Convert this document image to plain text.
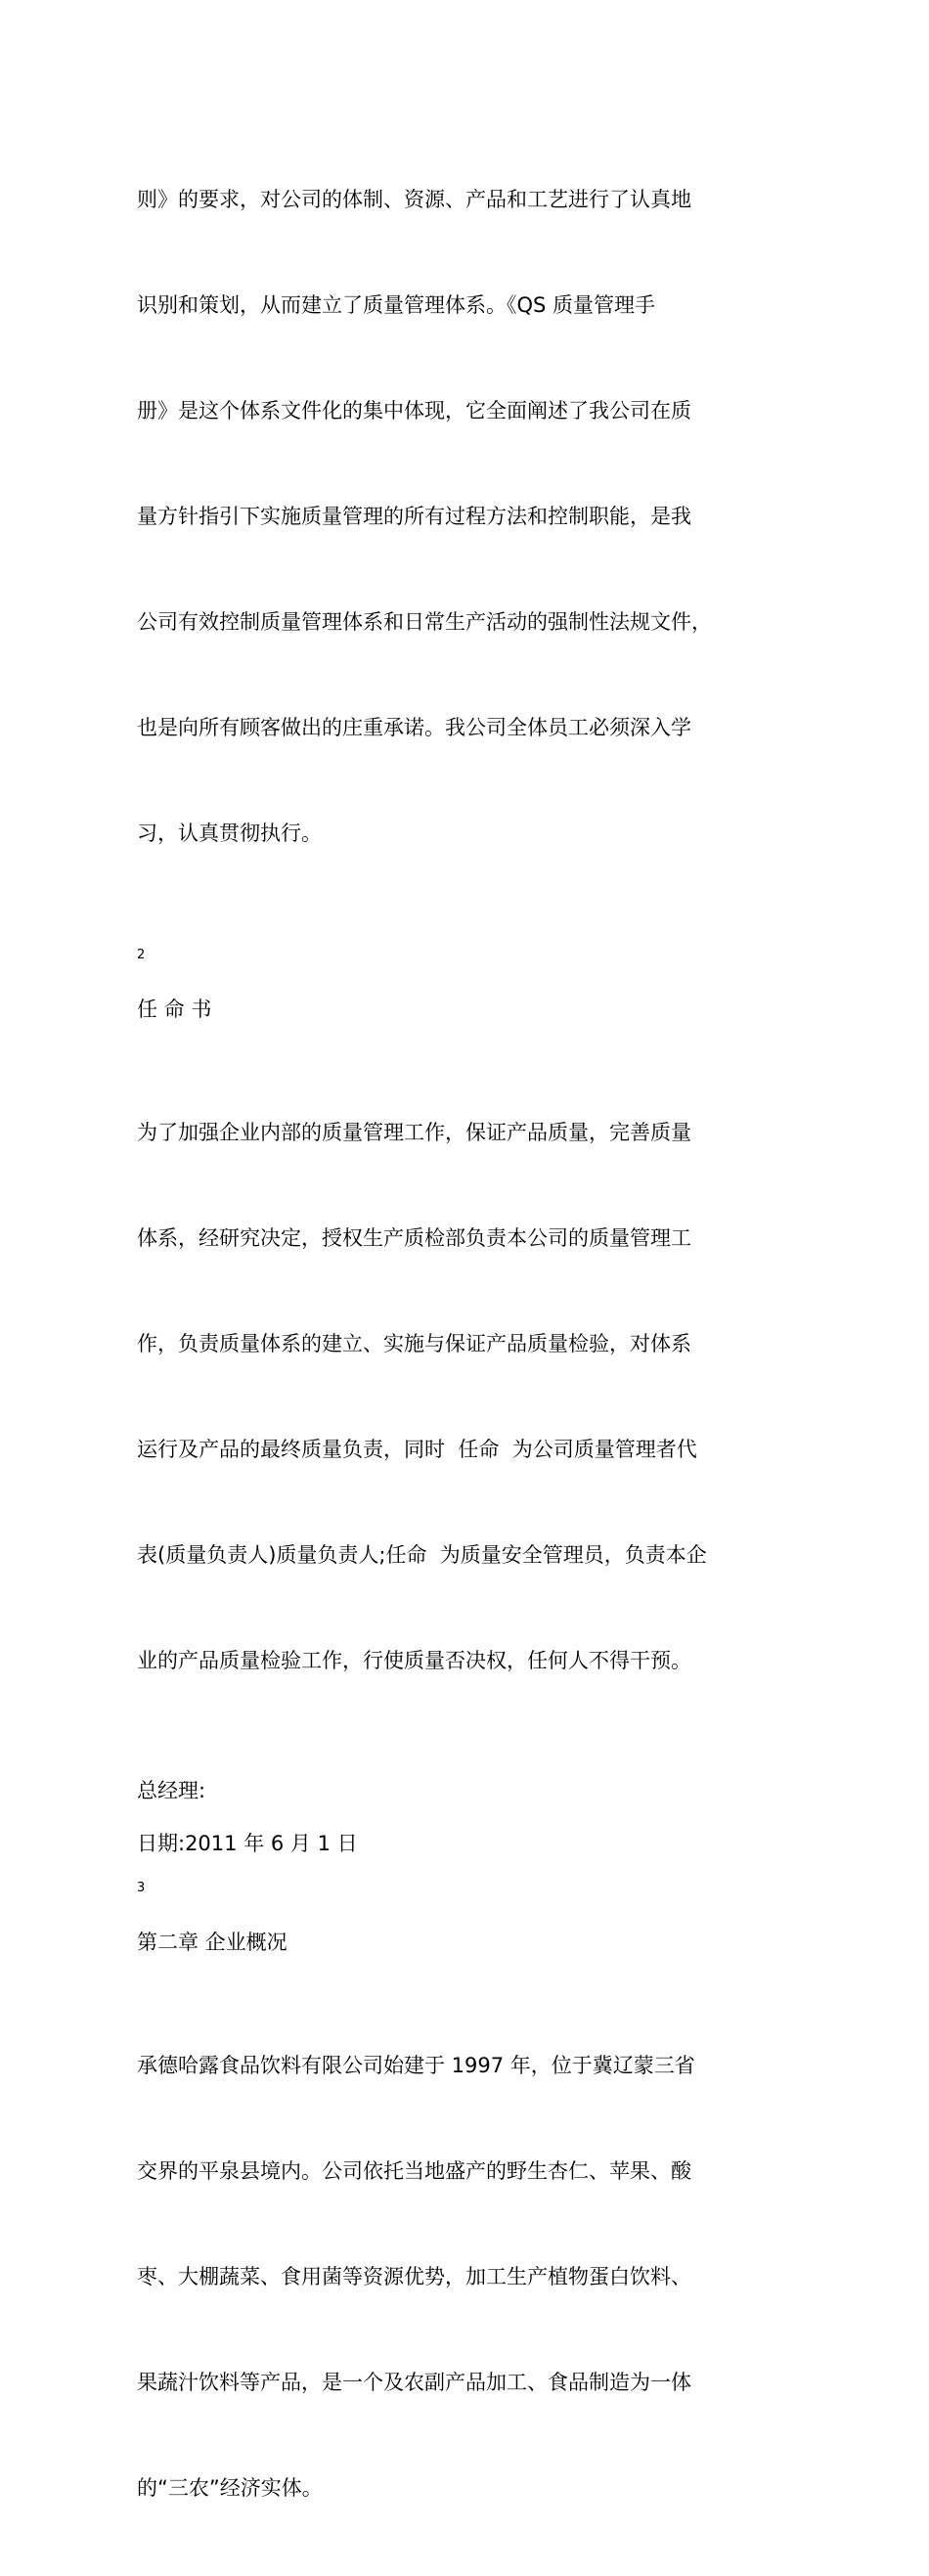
则》的要求，对公司的体制、资源、产品和工艺进行了认真地

识别和策划，从而建立了质量管理体系。《QS 质量管理手

册》是这个体系文件化的集中体现，它全面阐述了我公司在质

量方针指引下实施质量管理的所有过程方法和控制职能，是我

公司有效控制质量管理体系和日常生产活动的强制性法规文件，

也是向所有顾客做出的庄重承诺。我公司全体员工必须深入学

习，认真贯彻执行。

2
任 命 书

为了加强企业内部的质量管理工作，保证产品质量，完善质量

体系，经研究决定，授权生产质检部负责本公司的质量管理工

作，负责质量体系的建立、实施与保证产品质量检验，对体系

运行及产品的最终质量负责，同时  任命  为公司质量管理者代

表(质量负责人)质量负责人;任命  为质量安全管理员，负责本企

业的产品质量检验工作，行使质量否决权，任何人不得干预。

总经理:
日期:2011 年 6 月 1 日
3
第二章 企业概况

承德哈露食品饮料有限公司始建于 1997 年，位于冀辽蒙三省

交界的平泉县境内。公司依托当地盛产的野生杏仁、苹果、酸

枣、大棚蔬菜、食用菌等资源优势，加工生产植物蛋白饮料、

果蔬汁饮料等产品，是一个及农副产品加工、食品制造为一体

的“三农”经济实体。
